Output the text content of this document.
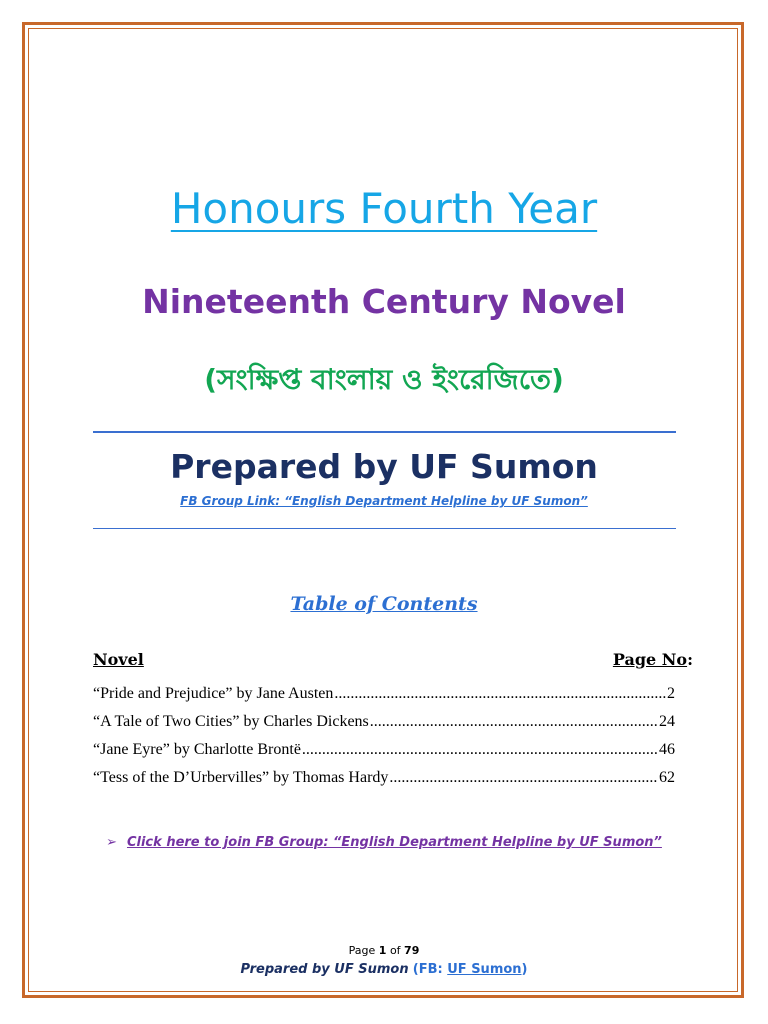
Honours Fourth Year
Nineteenth Century Novel
(সংক্ষিপ্ত বাংলায় ও ইংরেজিতে)
Prepared by UF Sumon
FB Group Link: “English Department Helpline by UF Sumon”
Table of Contents
Novel	Page No:
“Pride and Prejudice” by Jane Austen .....	2
“A Tale of Two Cities” by Charles Dickens .....	24
“Jane Eyre” by Charlotte Brontë .....	46
“Tess of the D’Urbervilles” by Thomas Hardy .....	62
➢ Click here to join FB Group: “English Department Helpline by UF Sumon”
Page 1 of 79
Prepared by UF Sumon (FB: UF Sumon)
